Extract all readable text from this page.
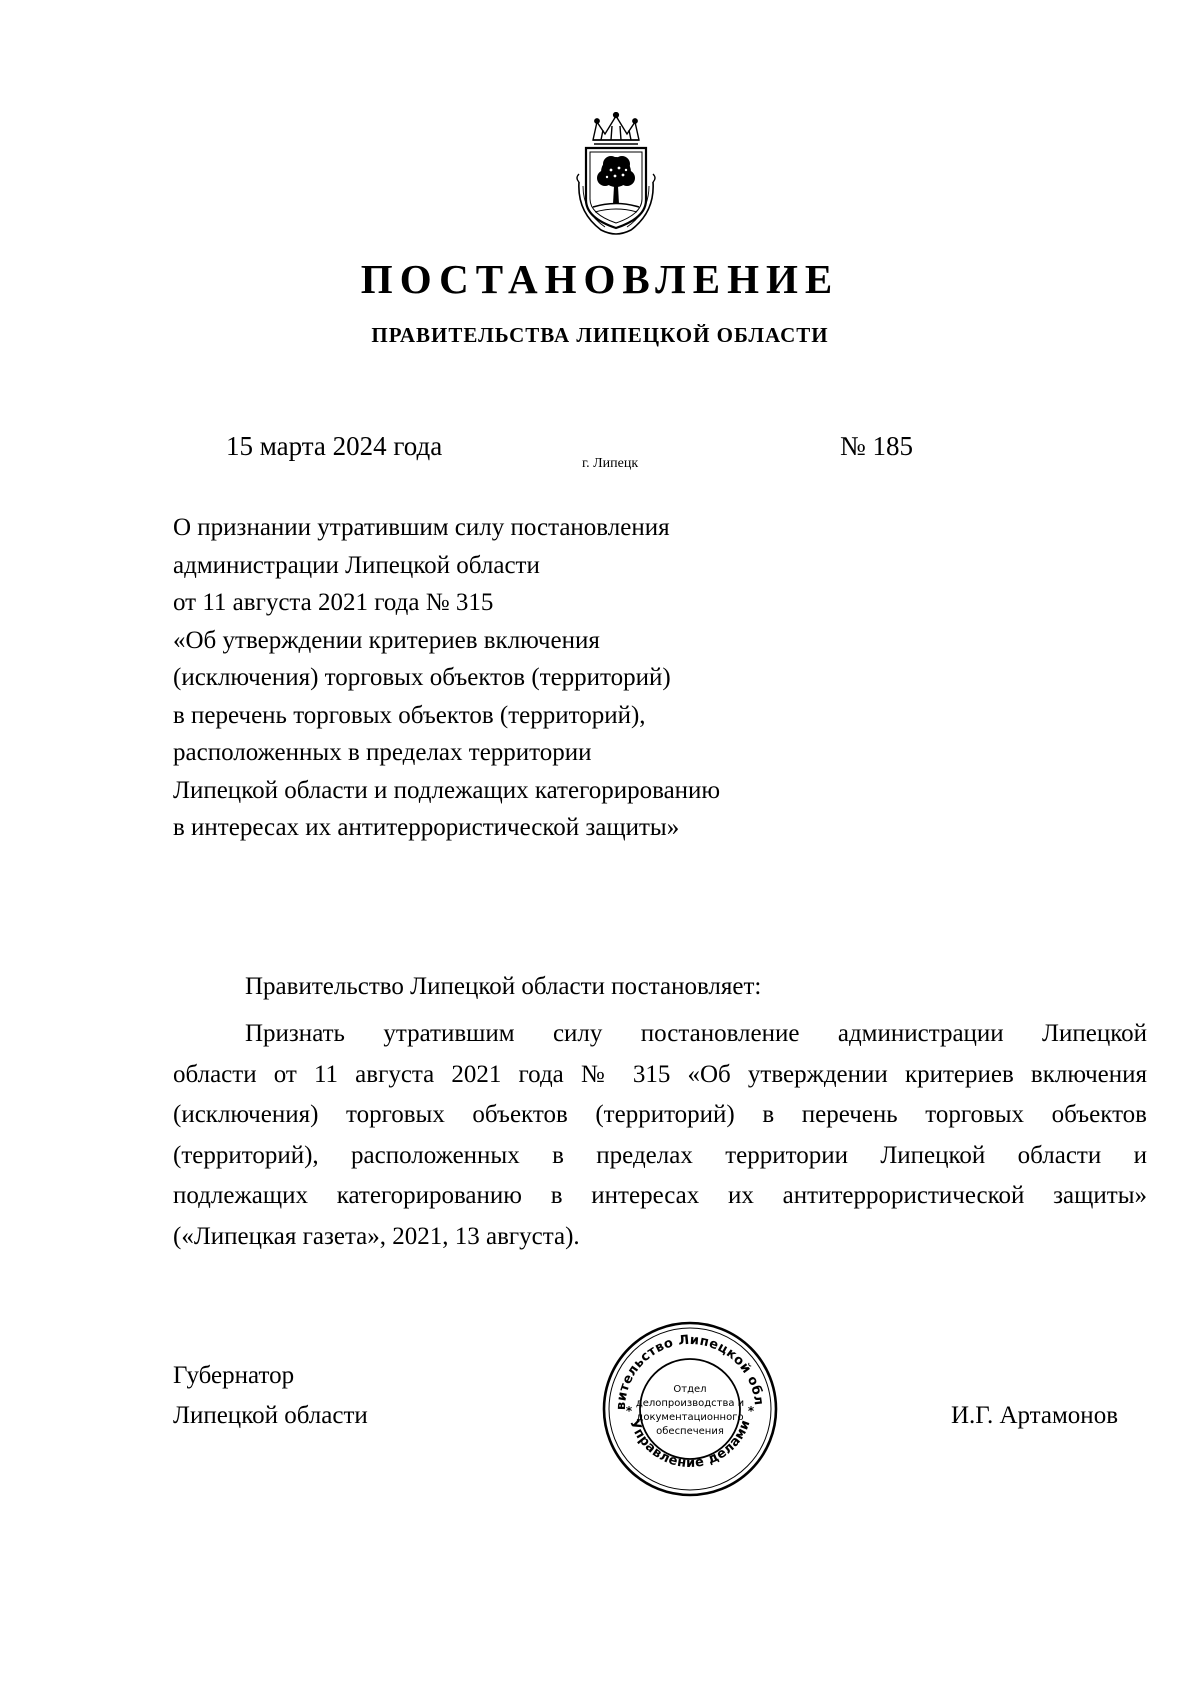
ПОСТАНОВЛЕНИЕ
ПРАВИТЕЛЬСТВА ЛИПЕЦКОЙ ОБЛАСТИ
15 марта 2024 года
г. Липецк
№ 185
О признании утратившим силу постановления
администрации Липецкой области
от 11 августа 2021 года № 315
«Об утверждении критериев включения
(исключения) торговых объектов (территорий)
в перечень торговых объектов (территорий),
расположенных в пределах территории
Липецкой области и подлежащих категорированию
в интересах их антитеррористической защиты»
Правительство Липецкой области постановляет:
Признать утратившим силу постановление администрации Липецкой
области от 11 августа 2021 года № 315 «Об утверждении критериев включения
(исключения) торговых объектов (территорий) в перечень торговых объектов
(территорий), расположенных в пределах территории Липецкой области и
подлежащих категорированию в интересах их антитеррористической защиты»
(«Липецкая газета», 2021, 13 августа).
Губернатор
Липецкой области	И.Г. Артамонов
вительство Липецкой обл
Управление делами
*	*
Отдел
делопроизводства и
документационного
обеспечения
